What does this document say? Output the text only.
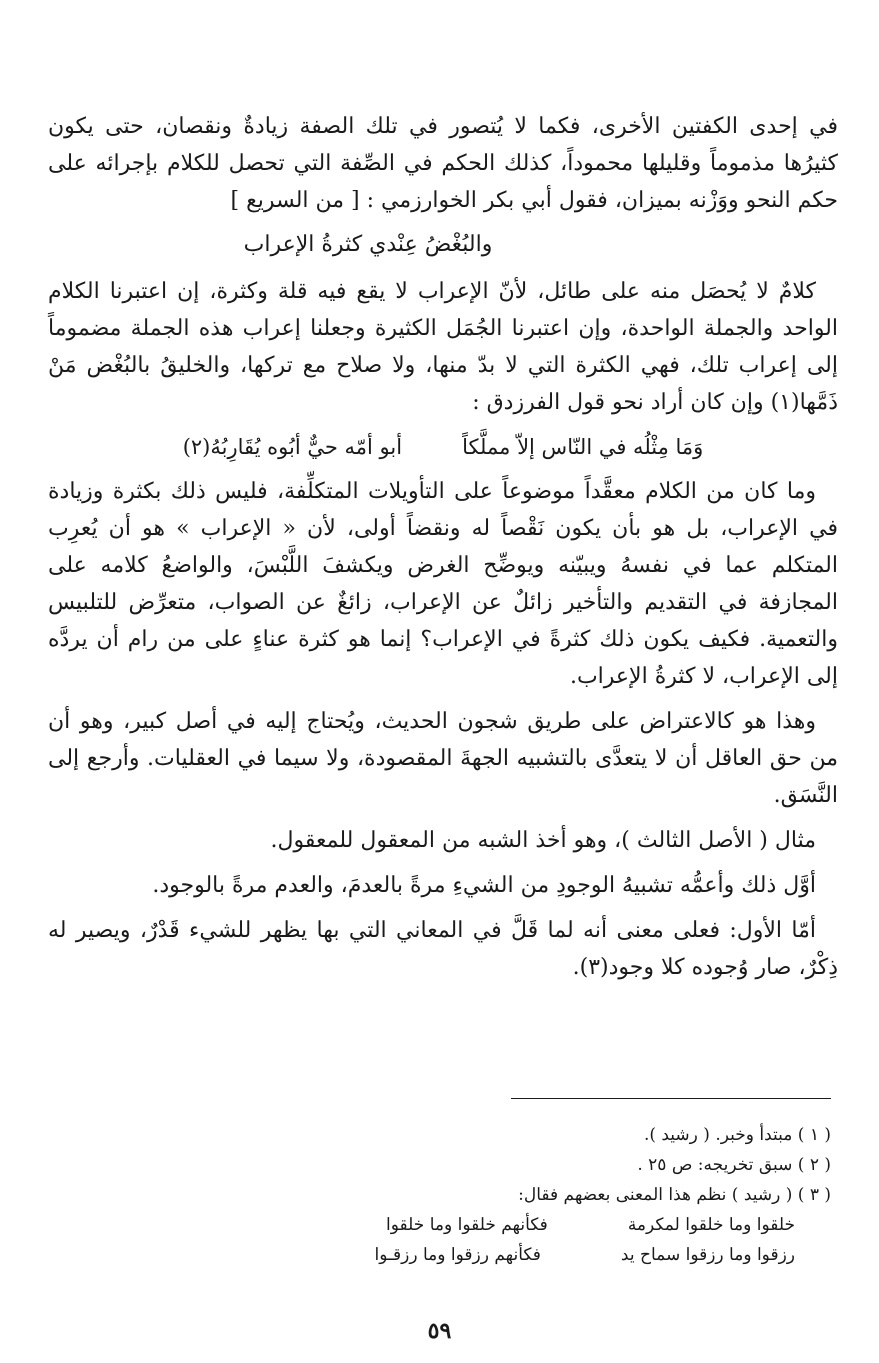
في إحدى الكفتين الأخرى، فكما لا يُتصور في تلك الصفة زيادةٌ ونقصان، حتى يكون كثيرُها مذموماً وقليلها محموداً، كذلك الحكم في الصِّفة التي تحصل للكلام بإجرائه على حكم النحو ووَزْنه بميزان، فقول أبي بكر الخوارزمي : [ من السريع ]

والبُغْضُ عِنْدي كثرةُ الإعراب

كلامٌ لا يُحصَل منه على طائل، لأنّ الإعراب لا يقع فيه قلة وكثرة، إن اعتبرنا الكلام الواحد والجملة الواحدة، وإن اعتبرنا الجُمَل الكثيرة وجعلنا إعراب هذه الجملة مضموماً إلى إعراب تلك، فهي الكثرة التي لا بدّ منها، ولا صلاح مع تركها، والخليقُ بالبُغْض مَنْ ذَمَّها(١) وإن كان أراد نحو قول الفرزدق :

وَمَا مِثْلُه في النّاس إلاّ مملَّكاً
أبو أمّه حيٌّ أبُوه يُقَارِبُهُ(٢)

وما كان من الكلام معقَّداً موضوعاً على التأويلات المتكلِّفة، فليس ذلك بكثرة وزيادة في الإعراب، بل هو بأن يكون نَقْصاً له ونقضاً أولى، لأن « الإعراب » هو أن يُعرِب المتكلم عما في نفسهُ ويبيّنه ويوضِّح الغرض ويكشفَ اللَّبْسَ، والواضعُ كلامه على المجازفة في التقديم والتأخير زائلٌ عن الإعراب، زائغٌ عن الصواب، متعرِّض للتلبيس والتعمية. فكيف يكون ذلك كثرةً في الإعراب؟ إنما هو كثرة عناءٍ على من رام أن يردَّه إلى الإعراب، لا كثرةُ الإعراب.

وهذا هو كالاعتراض على طريق شجون الحديث، ويُحتاج إليه في أصل كبير، وهو أن من حق العاقل أن لا يتعدَّى بالتشبيه الجهةَ المقصودة، ولا سيما في العقليات. وأرجع إلى النَّسَق.

مثال ( الأصل الثالث )، وهو أخذ الشبه من المعقول للمعقول.

أوَّل ذلك وأعمُّه تشبيهُ الوجودِ من الشيءِ مرةً بالعدمَ، والعدم مرةً بالوجود.

أمّا الأول: فعلى معنى أنه لما قَلَّ في المعاني التي بها يظهر للشيء قَدْرٌ، ويصير له ذِكْرٌ، صار وُجوده كلا وجود(٣).

( ١ ) مبتدأ وخبر. ( رشيد ).
( ٢ ) سبق تخريجه: ص ٢٥ .
( ٣ ) ( رشيد ) نظم هذا المعنى بعضهم فقال:
خلقوا وما خلقوا لمكرمة
فكأنهم خلقوا وما خلقوا
رزقوا وما رزقوا سماح يد
فكأنهم رزقوا وما رزقـوا
٥٩
